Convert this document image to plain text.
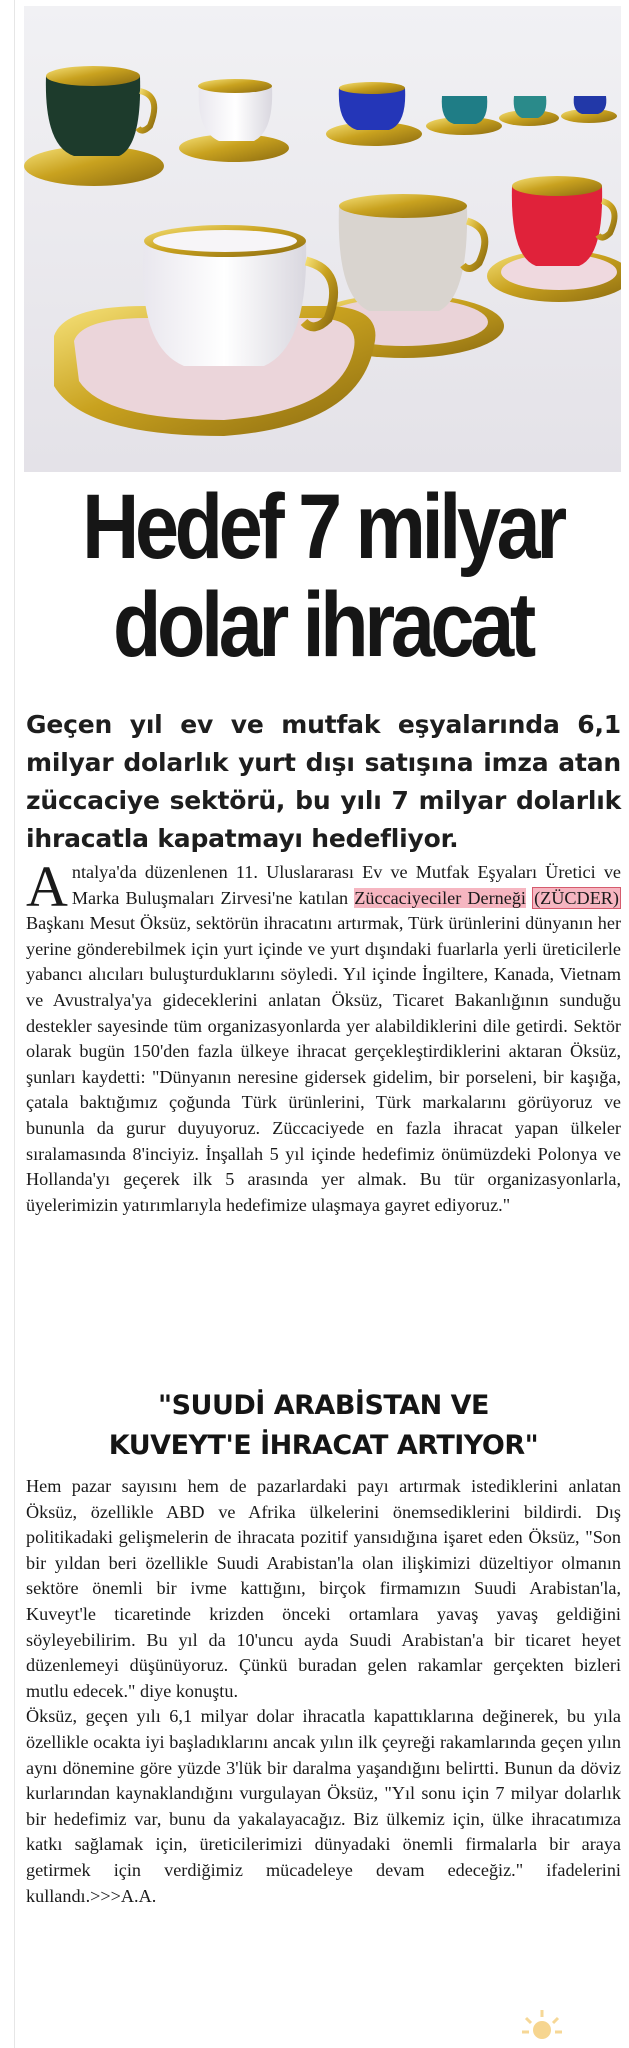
Hedef 7 milyar
dolar ihracat
Geçen yıl ev ve mutfak eşyalarında 6,1 milyar dolarlık yurt dışı satışına imza atan züccaciye sektörü, bu yılı 7 milyar dolarlık ihracatla kapatmayı hedefliyor.
Antalya'da düzenlenen 11. Uluslararası Ev ve Mutfak Eşyaları Üretici ve Marka Buluşmaları Zirvesi'ne katılan Züccaciyeciler Derneği (ZÜCDER) Başkanı Mesut Öksüz, sektörün ihracatını artırmak, Türk ürünlerini dünyanın her yerine gönderebilmek için yurt içinde ve yurt dışındaki fuarlarla yerli üreticilerle yabancı alıcıları buluşturduklarını söyledi. Yıl içinde İngiltere, Kanada, Vietnam ve Avustralya'ya gideceklerini anlatan Öksüz, Ticaret Bakanlığının sunduğu destekler sayesinde tüm organizasyonlarda yer alabildiklerini dile getirdi. Sektör olarak bugün 150'den fazla ülkeye ihracat gerçekleştirdiklerini aktaran Öksüz, şunları kaydetti: "Dünyanın neresine gidersek gidelim, bir porseleni, bir kaşığa, çatala baktığımız çoğunda Türk ürünlerini, Türk markalarını görüyoruz ve bununla da gurur duyuyoruz. Züccaciyede en fazla ihracat yapan ülkeler sıralamasında 8'inciyiz. İnşallah 5 yıl içinde hedefimiz önümüzdeki Polonya ve Hollanda'yı geçerek ilk 5 arasında yer almak. Bu tür organizasyonlarla, üyelerimizin yatırımlarıyla hedefimize ulaşmaya gayret ediyoruz."
"SUUDİ ARABİSTAN VE
KUVEYT'E İHRACAT ARTIYOR"
Hem pazar sayısını hem de pazarlardaki payı artırmak istediklerini anlatan Öksüz, özellikle ABD ve Afrika ülkelerini önemsediklerini bildirdi. Dış politikadaki gelişmelerin de ihracata pozitif yansıdığına işaret eden Öksüz, "Son bir yıldan beri özellikle Suudi Arabistan'la olan ilişkimizi düzeltiyor olmanın sektöre önemli bir ivme kattığını, birçok firmamızın Suudi Arabistan'la, Kuveyt'le ticaretinde krizden önceki ortamlara yavaş yavaş geldiğini söyleyebilirim. Bu yıl da 10'uncu ayda Suudi Arabistan'a bir ticaret heyet düzenlemeyi düşünüyoruz. Çünkü buradan gelen rakamlar gerçekten bizleri mutlu edecek." diye konuştu.
Öksüz, geçen yılı 6,1 milyar dolar ihracatla kapattıklarına değinerek, bu yıla özellikle ocakta iyi başladıklarını ancak yılın ilk çeyreği rakamlarında geçen yılın aynı dönemine göre yüzde 3'lük bir daralma yaşandığını belirtti. Bunun da döviz kurlarından kaynaklandığını vurgulayan Öksüz, "Yıl sonu için 7 milyar dolarlık bir hedefimiz var, bunu da yakalayacağız. Biz ülkemiz için, ülke ihracatımıza katkı sağlamak için, üreticilerimizi dünyadaki önemli firmalarla bir araya getirmek için verdiğimiz mücadeleye devam edeceğiz." ifadelerini kullandı.>>>A.A.
